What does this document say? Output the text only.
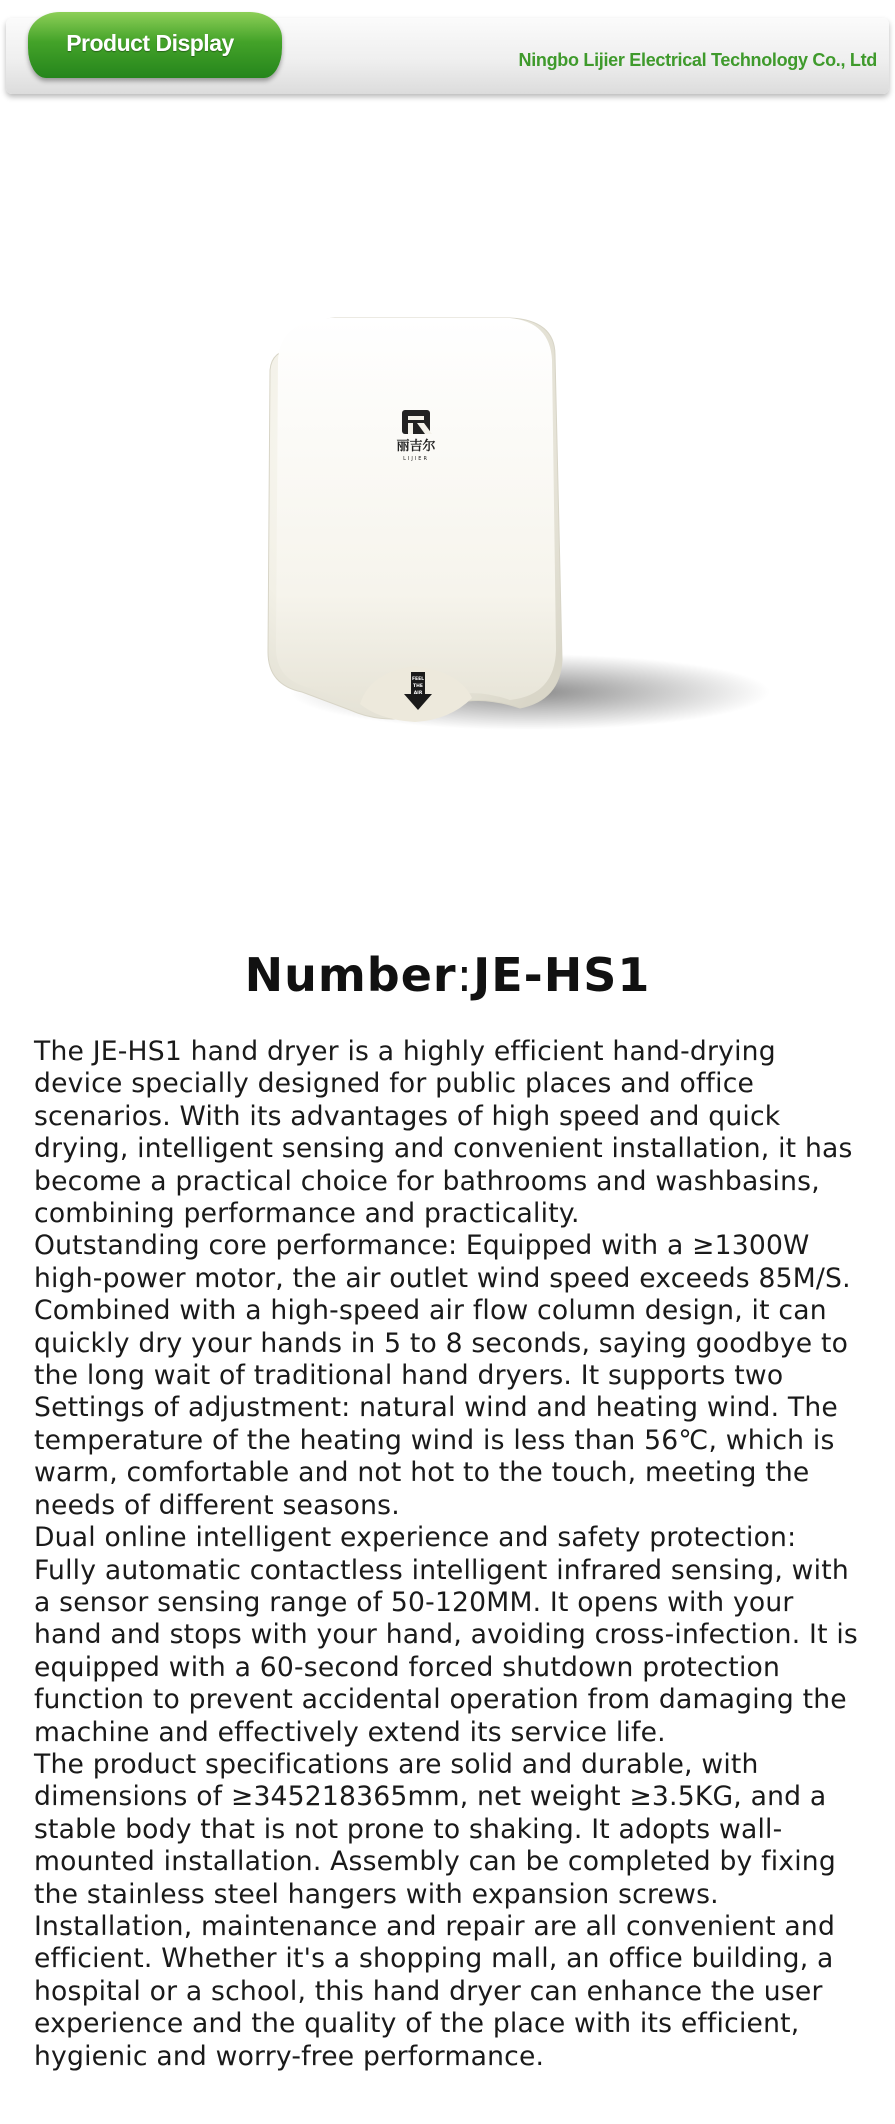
Product Display
Ningbo Lijier Electrical Technology Co., Ltd
丽吉尔
LIJIER
FEEL
THE
AIR
Number:JE-HS1

The JE-HS1 hand dryer is a highly efficient hand-drying device specially designed for public places and office scenarios. With its advantages of high speed and quick drying, intelligent sensing and convenient installation, it has become a practical choice for bathrooms and washbasins, combining performance and practicality.

Outstanding core performance: Equipped with a ≥1300W high-power motor, the air outlet wind speed exceeds 85M/S. Combined with a high-speed air flow column design, it can quickly dry your hands in 5 to 8 seconds, saying goodbye to the long wait of traditional hand dryers. It supports two Settings of adjustment: natural wind and heating wind. The temperature of the heating wind is less than 56℃, which is warm, comfortable and not hot to the touch, meeting the needs of different seasons.

Dual online intelligent experience and safety protection: Fully automatic contactless intelligent infrared sensing, with a sensor sensing range of 50-120MM. It opens with your hand and stops with your hand, avoiding cross-infection. It is equipped with a 60-second forced shutdown protection function to prevent accidental operation from damaging the machine and effectively extend its service life.

The product specifications are solid and durable, with dimensions of ≥345218365mm, net weight ≥3.5KG, and a stable body that is not prone to shaking. It adopts wall-mounted installation. Assembly can be completed by fixing the stainless steel hangers with expansion screws. Installation, maintenance and repair are all convenient and efficient. Whether it's a shopping mall, an office building, a hospital or a school, this hand dryer can enhance the user experience and the quality of the place with its efficient, hygienic and worry-free performance.
